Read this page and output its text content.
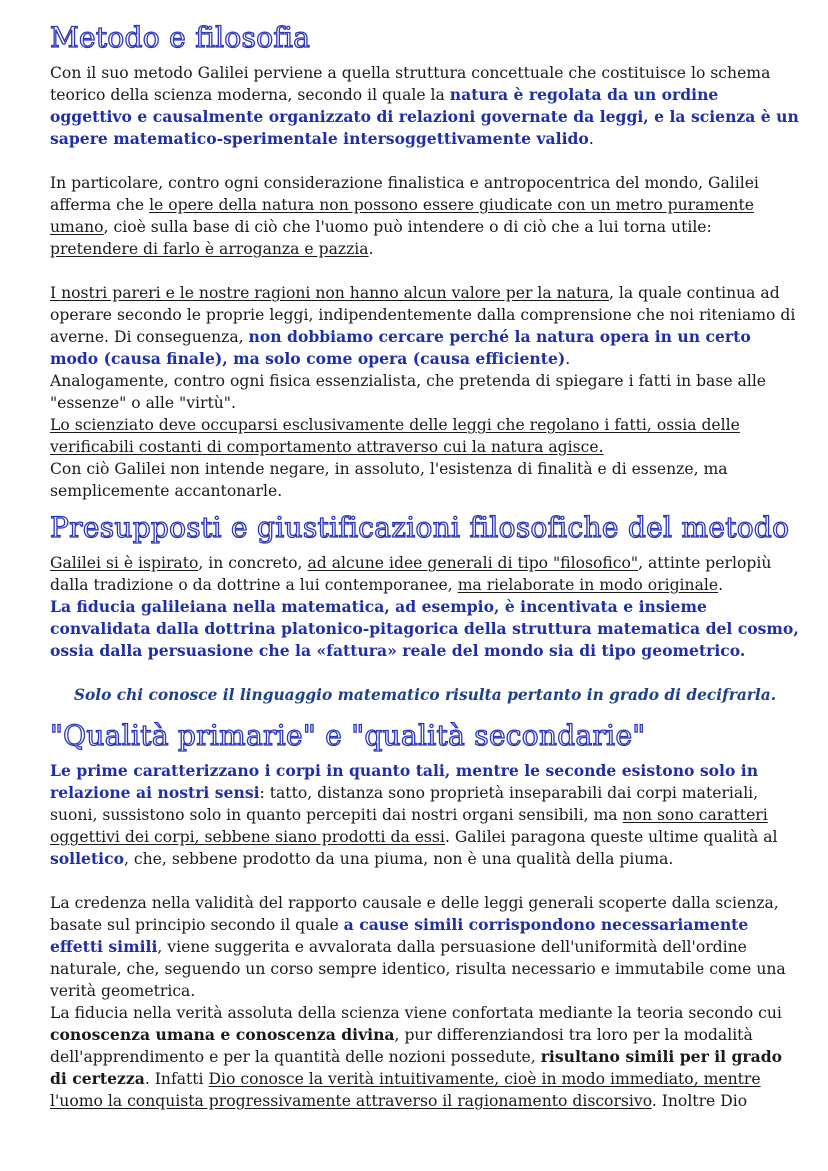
Metodo e filosofia

Con il suo metodo Galilei perviene a quella struttura concettuale che costituisce lo schema teorico della scienza moderna, secondo il quale la natura è regolata da un ordine oggettivo e causalmente organizzato di relazioni governate da leggi, e la scienza è un sapere matematico-sperimentale intersoggettivamente valido.

In particolare, contro ogni considerazione finalistica e antropocentrica del mondo, Galilei afferma che le opere della natura non possono essere giudicate con un metro puramente umano, cioè sulla base di ciò che l'uomo può intendere o di ciò che a lui torna utile: pretendere di farlo è arroganza e pazzia.

I nostri pareri e le nostre ragioni non hanno alcun valore per la natura, la quale continua ad operare secondo le proprie leggi, indipendentemente dalla comprensione che noi riteniamo di averne. Di conseguenza, non dobbiamo cercare perché la natura opera in un certo modo (causa finale), ma solo come opera (causa efficiente).
Analogamente, contro ogni fisica essenzialista, che pretenda di spiegare i fatti in base alle "essenze" o alle "virtù".
Lo scienziato deve occuparsi esclusivamente delle leggi che regolano i fatti, ossia delle verificabili costanti di comportamento attraverso cui la natura agisce.
Con ciò Galilei non intende negare, in assoluto, l'esistenza di finalità e di essenze, ma semplicemente accantonarle.

Presupposti e giustificazioni filosofiche del metodo

Galilei si è ispirato, in concreto, ad alcune idee generali di tipo "filosofico", attinte perlopiù dalla tradizione o da dottrine a lui contemporanee, ma rielaborate in modo originale.
La fiducia galileiana nella matematica, ad esempio, è incentivata e insieme convalidata dalla dottrina platonico-pitagorica della struttura matematica del cosmo, ossia dalla persuasione che la «fattura» reale del mondo sia di tipo geometrico.

Solo chi conosce il linguaggio matematico risulta pertanto in grado di decifrarla.

"Qualità primarie" e "qualità secondarie"

Le prime caratterizzano i corpi in quanto tali, mentre le seconde esistono solo in relazione ai nostri sensi: tatto, distanza sono proprietà inseparabili dai corpi materiali, suoni, sussistono solo in quanto percepiti dai nostri organi sensibili, ma non sono caratteri oggettivi dei corpi, sebbene siano prodotti da essi. Galilei paragona queste ultime qualità al solletico, che, sebbene prodotto da una piuma, non è una qualità della piuma.

La credenza nella validità del rapporto causale e delle leggi generali scoperte dalla scienza, basate sul principio secondo il quale a cause simili corrispondono necessariamente effetti simili, viene suggerita e avvalorata dalla persuasione dell'uniformità dell'ordine naturale, che, seguendo un corso sempre identico, risulta necessario e immutabile come una verità geometrica.
La fiducia nella verità assoluta della scienza viene confortata mediante la teoria secondo cui conoscenza umana e conoscenza divina, pur differenziandosi tra loro per la modalità dell'apprendimento e per la quantità delle nozioni possedute, risultano simili per il grado di certezza. Infatti Dio conosce la verità intuitivamente, cioè in modo immediato, mentre l'uomo la conquista progressivamente attraverso il ragionamento discorsivo. Inoltre Dio
